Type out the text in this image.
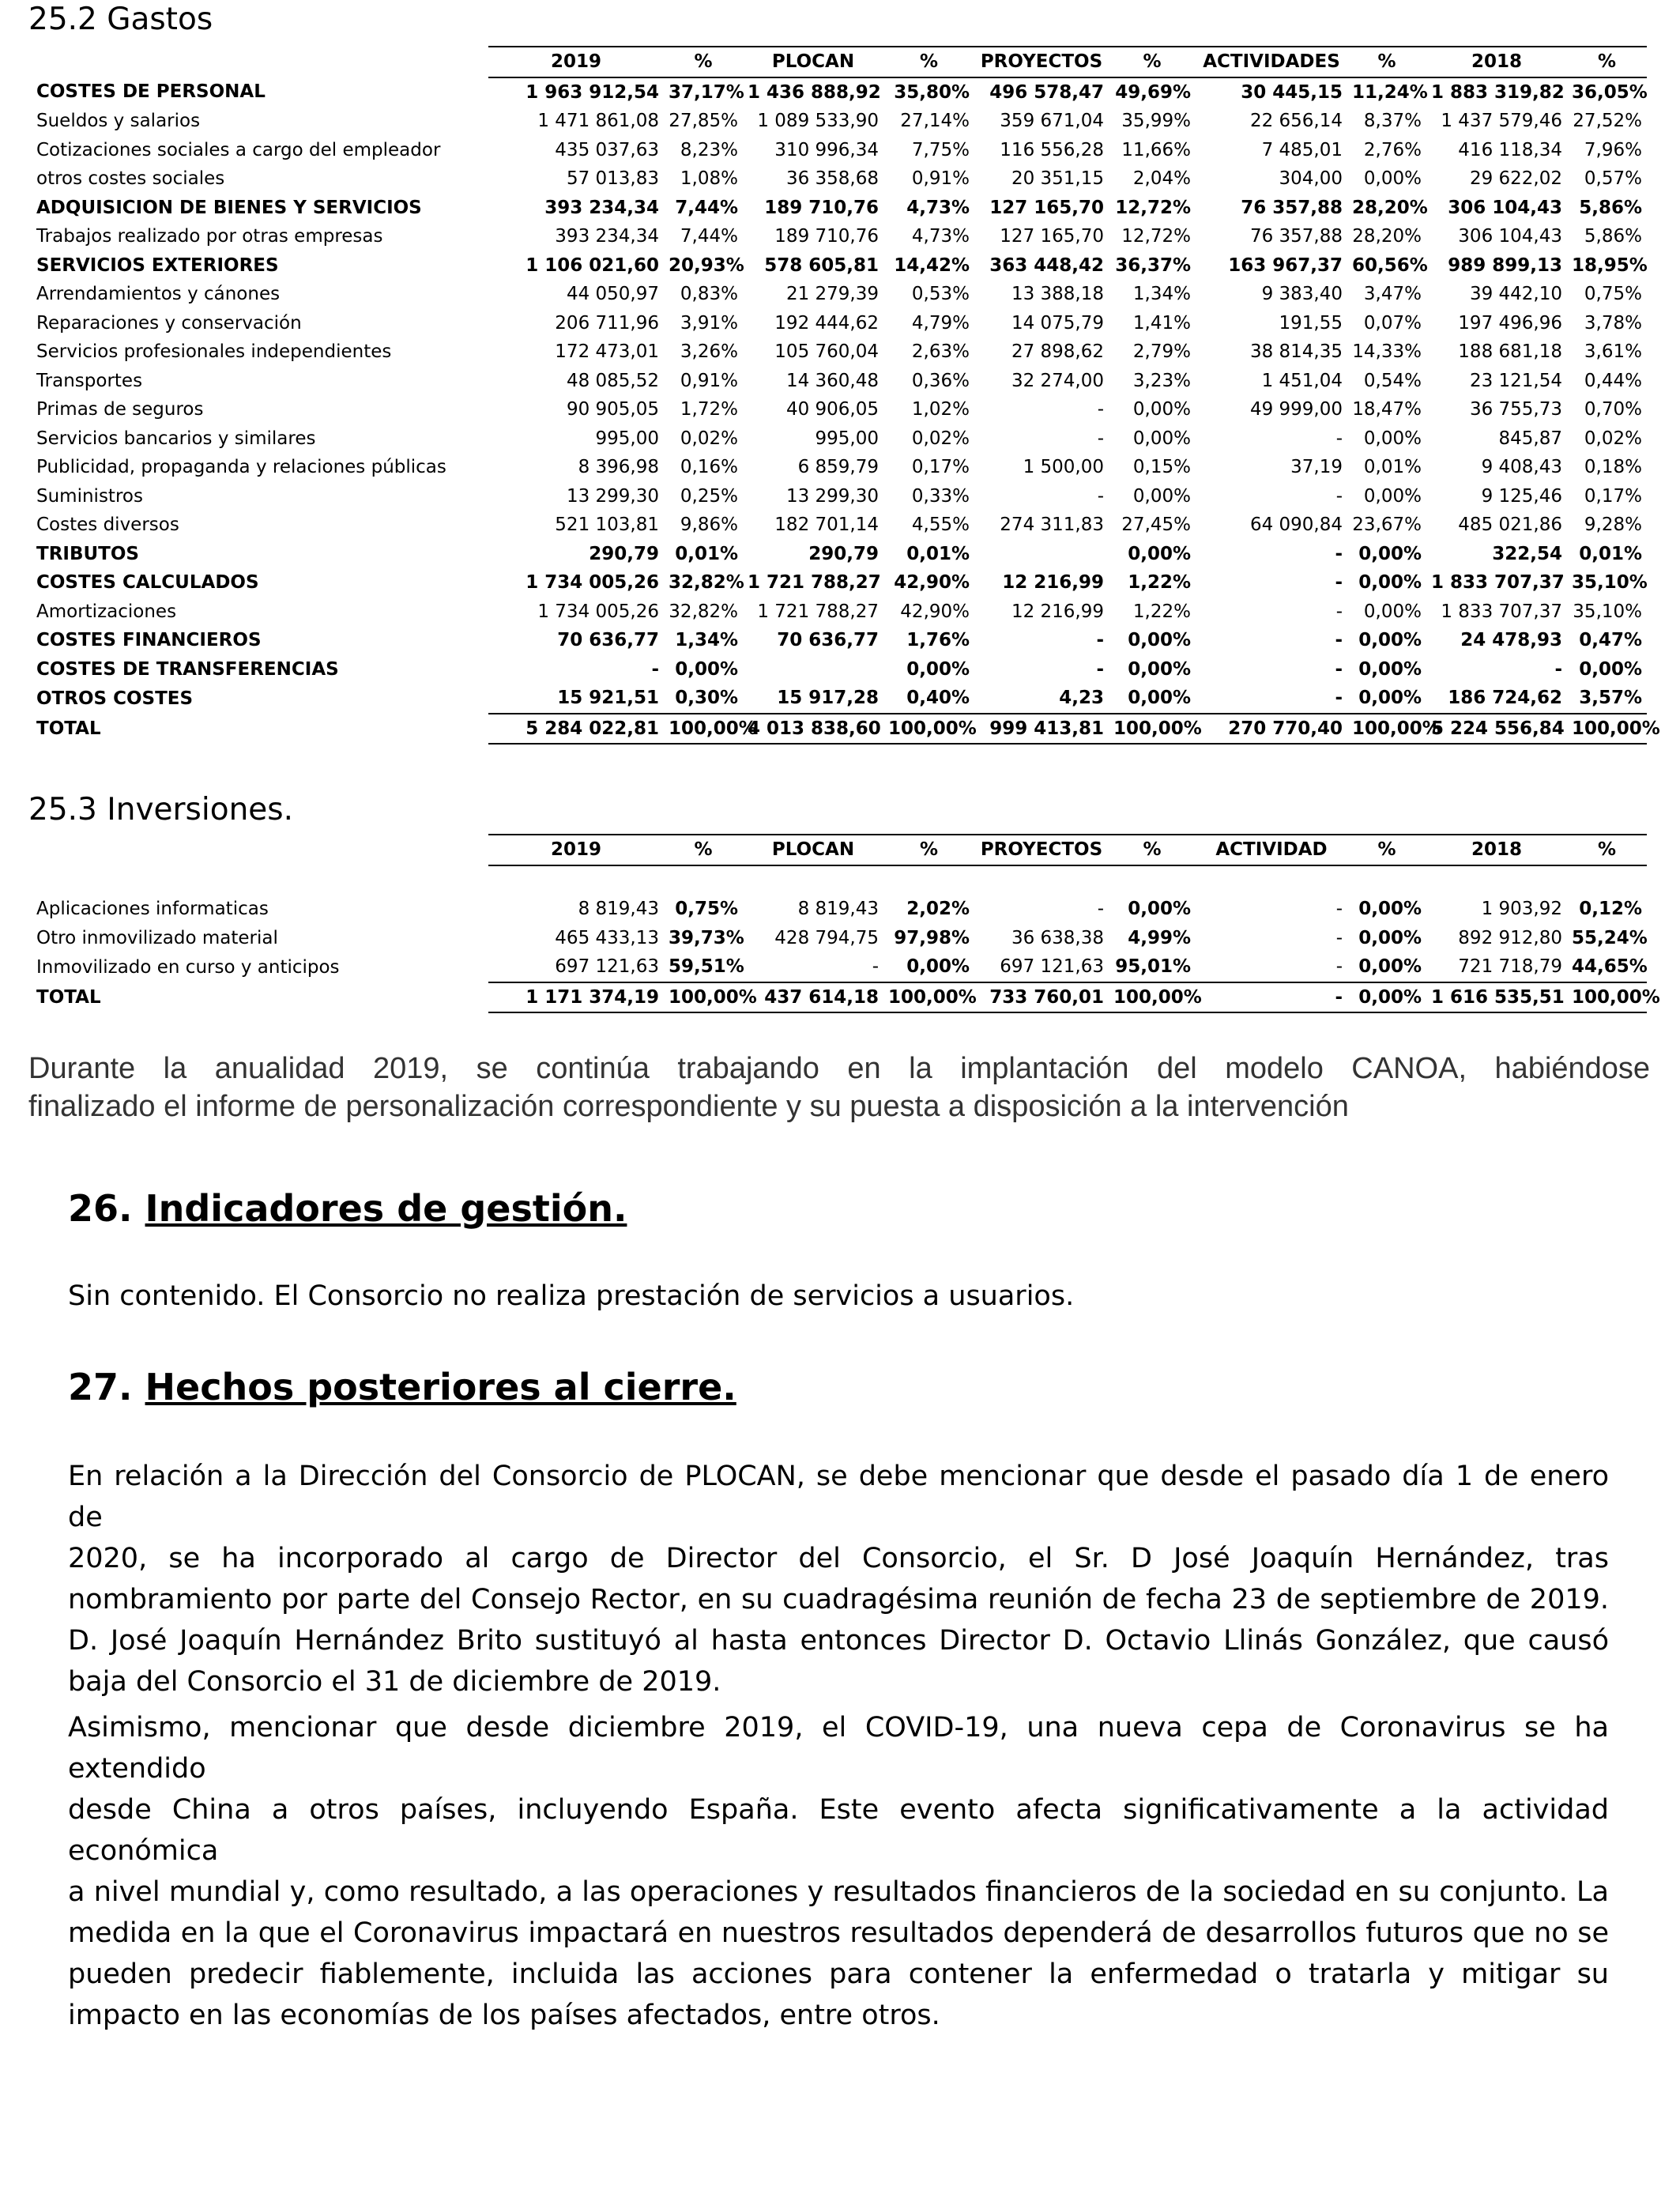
25.2 Gastos
	2019	%	PLOCAN	%	PROYECTOS	%	ACTIVIDADES	%	2018	%
COSTES DE PERSONAL	1 963 912,54	37,17%	1 436 888,92	35,80%	496 578,47	49,69%	30 445,15	11,24%	1 883 319,82	36,05%
Sueldos y salarios	1 471 861,08	27,85%	1 089 533,90	27,14%	359 671,04	35,99%	22 656,14	8,37%	1 437 579,46	27,52%
Cotizaciones sociales a cargo del empleador	435 037,63	8,23%	310 996,34	7,75%	116 556,28	11,66%	7 485,01	2,76%	416 118,34	7,96%
otros costes sociales	57 013,83	1,08%	36 358,68	0,91%	20 351,15	2,04%	304,00	0,00%	29 622,02	0,57%
ADQUISICION DE BIENES Y SERVICIOS	393 234,34	7,44%	189 710,76	4,73%	127 165,70	12,72%	76 357,88	28,20%	306 104,43	5,86%
Trabajos realizado por otras empresas	393 234,34	7,44%	189 710,76	4,73%	127 165,70	12,72%	76 357,88	28,20%	306 104,43	5,86%
SERVICIOS EXTERIORES	1 106 021,60	20,93%	578 605,81	14,42%	363 448,42	36,37%	163 967,37	60,56%	989 899,13	18,95%
Arrendamientos y cánones	44 050,97	0,83%	21 279,39	0,53%	13 388,18	1,34%	9 383,40	3,47%	39 442,10	0,75%
Reparaciones y conservación	206 711,96	3,91%	192 444,62	4,79%	14 075,79	1,41%	191,55	0,07%	197 496,96	3,78%
Servicios profesionales independientes	172 473,01	3,26%	105 760,04	2,63%	27 898,62	2,79%	38 814,35	14,33%	188 681,18	3,61%
Transportes	48 085,52	0,91%	14 360,48	0,36%	32 274,00	3,23%	1 451,04	0,54%	23 121,54	0,44%
Primas de seguros	90 905,05	1,72%	40 906,05	1,02%	-	0,00%	49 999,00	18,47%	36 755,73	0,70%
Servicios bancarios y similares	995,00	0,02%	995,00	0,02%	-	0,00%	-	0,00%	845,87	0,02%
Publicidad, propaganda y relaciones públicas	8 396,98	0,16%	6 859,79	0,17%	1 500,00	0,15%	37,19	0,01%	9 408,43	0,18%
Suministros	13 299,30	0,25%	13 299,30	0,33%	-	0,00%	-	0,00%	9 125,46	0,17%
Costes diversos	521 103,81	9,86%	182 701,14	4,55%	274 311,83	27,45%	64 090,84	23,67%	485 021,86	9,28%
TRIBUTOS	290,79	0,01%	290,79	0,01%		0,00%	-	0,00%	322,54	0,01%
COSTES CALCULADOS	1 734 005,26	32,82%	1 721 788,27	42,90%	12 216,99	1,22%	-	0,00%	1 833 707,37	35,10%
Amortizaciones	1 734 005,26	32,82%	1 721 788,27	42,90%	12 216,99	1,22%	-	0,00%	1 833 707,37	35,10%
COSTES FINANCIEROS	70 636,77	1,34%	70 636,77	1,76%	-	0,00%	-	0,00%	24 478,93	0,47%
COSTES DE TRANSFERENCIAS	-	0,00%		0,00%	-	0,00%	-	0,00%	-	0,00%
OTROS COSTES	15 921,51	0,30%	15 917,28	0,40%	4,23	0,00%	-	0,00%	186 724,62	3,57%
TOTAL	5 284 022,81	100,00%	4 013 838,60	100,00%	999 413,81	100,00%	270 770,40	100,00%	5 224 556,84	100,00%
25.3 Inversiones.
	2019	%	PLOCAN	%	PROYECTOS	%	ACTIVIDAD	%	2018	%

Aplicaciones informaticas	8 819,43	0,75%	8 819,43	2,02%	-	0,00%	-	0,00%	1 903,92	0,12%
Otro inmovilizado material	465 433,13	39,73%	428 794,75	97,98%	36 638,38	4,99%	-	0,00%	892 912,80	55,24%
Inmovilizado en curso y anticipos	697 121,63	59,51%	-	0,00%	697 121,63	95,01%	-	0,00%	721 718,79	44,65%
TOTAL	1 171 374,19	100,00%	437 614,18	100,00%	733 760,01	100,00%	-	0,00%	1 616 535,51	100,00%
Durante la anualidad 2019, se continúa trabajando en la implantación del modelo CANOA, habiéndose
finalizado el informe de personalización correspondiente y su puesta a disposición a la intervención
26. Indicadores de gestión.
Sin contenido. El Consorcio no realiza prestación de servicios a usuarios.
27. Hechos posteriores al cierre.
En relación a la Dirección del Consorcio de PLOCAN, se debe mencionar que desde el pasado día 1 de enero de
2020, se ha incorporado al cargo de Director del Consorcio, el Sr. D José Joaquín Hernández, tras
nombramiento por parte del Consejo Rector, en su cuadragésima reunión de fecha 23 de septiembre de 2019.
D. José Joaquín Hernández Brito sustituyó al hasta entonces Director D. Octavio Llinás González, que causó
baja del Consorcio el 31 de diciembre de 2019.
Asimismo, mencionar que desde diciembre 2019, el COVID-19, una nueva cepa de Coronavirus se ha extendido
desde China a otros países, incluyendo España. Este evento afecta significativamente a la actividad económica
a nivel mundial y, como resultado, a las operaciones y resultados financieros de la sociedad en su conjunto. La
medida en la que el Coronavirus impactará en nuestros resultados dependerá de desarrollos futuros que no se
pueden predecir fiablemente, incluida las acciones para contener la enfermedad o tratarla y mitigar su
impacto en las economías de los países afectados, entre otros.
